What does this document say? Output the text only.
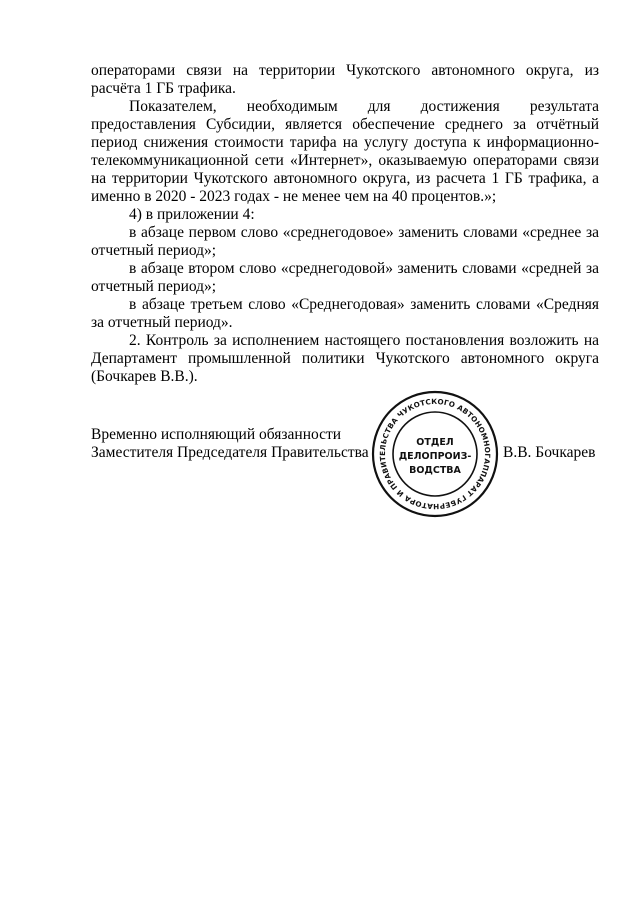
операторами связи на территории Чукотского автономного округа, из расчёта 1 ГБ трафика.

Показателем, необходимым для достижения результата предоставления Субсидии, является обеспечение среднего за отчётный период снижения стоимости тарифа на услугу доступа к информационно-телекоммуникационной сети «Интернет», оказываемую операторами связи на территории Чукотского автономного округа, из расчета 1 ГБ трафика, а именно в 2020 - 2023 годах - не менее чем на 40 процентов.»;

4) в приложении 4:

в абзаце первом слово «среднегодовое» заменить словами «среднее за отчетный период»;

в абзаце втором слово «среднегодовой» заменить словами «средней за отчетный период»;

в абзаце третьем слово «Среднегодовая» заменить словами «Средняя за отчетный период».

2. Контроль за исполнением настоящего постановления возложить на Департамент промышленной политики Чукотского автономного округа (Бочкарев В.В.).

Временно исполняющий обязанности
Заместителя Председателя Правительства
АППАРАТ ГУБЕРНАТОРА И ПРАВИТЕЛЬСТВА ЧУКОТСКОГО АВТОНОМНОГО
ОТДЕЛ
ДЕЛОПРОИЗ-
ВОДСТВА
В.В. Бочкарев
